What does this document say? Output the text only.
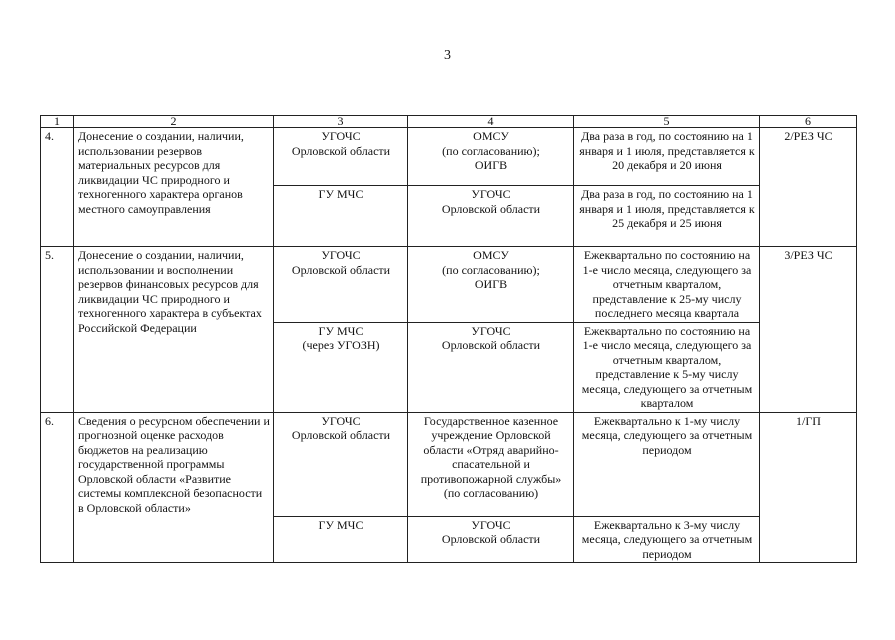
3
1	2	3	4	5	6
4.	Донесение о создании, наличии, использовании резервов материальных ресурсов для ликвидации ЧС природного и техногенного характера органов местного самоуправления	УГОЧС
Орловской области	ОМСУ
(по согласованию);
ОИГВ	Два раза в год, по состоянию на 1 января и 1 июля, представляется к 20 декабря и 20 июня	2/РЕЗ ЧС
		ГУ МЧС	УГОЧС
Орловской области	Два раза в год, по состоянию на 1 января и 1 июля, представляется к 25 декабря и 25 июня	
5.	Донесение о создании, наличии, использовании и восполнении резервов финансовых ресурсов для ликвидации ЧС природного и техногенного характера в субъектах Российской Федерации	УГОЧС
Орловской области	ОМСУ
(по согласованию);
ОИГВ	Ежеквартально по состоянию на 1-е число месяца, следующего за отчетным кварталом, представление к 25-му числу последнего месяца квартала	3/РЕЗ ЧС
		ГУ МЧС
(через УГОЗН)	УГОЧС
Орловской области	Ежеквартально по состоянию на 1-е число месяца, следующего за отчетным кварталом, представление к 5-му числу месяца, следующего за отчетным кварталом	
6.	Сведения о ресурсном обеспечении и прогнозной оценке расходов бюджетов на реализацию государственной программы Орловской области «Развитие системы комплексной безопасности в Орловской области»	УГОЧС
Орловской области	Государственное казенное учреждение Орловской области «Отряд аварийно-спасательной и противопожарной службы»
(по согласованию)	Ежеквартально к 1-му числу месяца, следующего за отчетным периодом	1/ГП
		ГУ МЧС	УГОЧС
Орловской области	Ежеквартально к 3-му числу месяца, следующего за отчетным периодом	
